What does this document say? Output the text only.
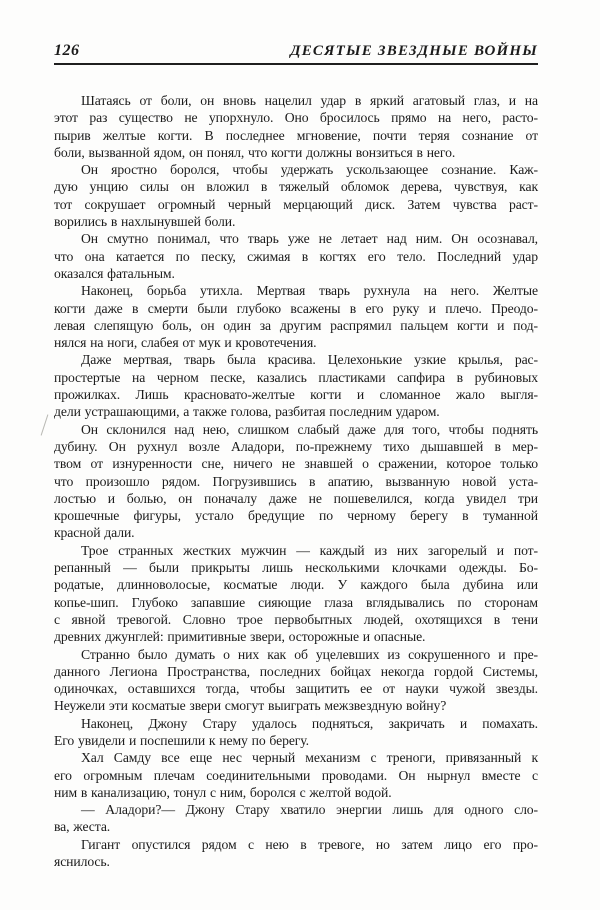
126	ДЕСЯТЫЕ ЗВЕЗДНЫЕ ВОЙНЫ
Шатаясь от боли, он вновь нацелил удар в яркий агатовый глаз, и на
этот раз существо не упорхнуло. Оно бросилось прямо на него, расто-
пырив желтые когти. В последнее мгновение, почти теряя сознание от
боли, вызванной ядом, он понял, что когти должны вонзиться в него.
Он яростно боролся, чтобы удержать ускользающее сознание. Каж-
дую унцию силы он вложил в тяжелый обломок дерева, чувствуя, как
тот сокрушает огромный черный мерцающий диск. Затем чувства раст-
ворились в нахлынувшей боли.
Он смутно понимал, что тварь уже не летает над ним. Он осознавал,
что она катается по песку, сжимая в когтях его тело. Последний удар
оказался фатальным.
Наконец, борьба утихла. Мертвая тварь рухнула на него. Желтые
когти даже в смерти были глубоко всажены в его руку и плечо. Преодо-
левая слепящую боль, он один за другим распрямил пальцем когти и под-
нялся на ноги, слабея от мук и кровотечения.
Даже мертвая, тварь была красива. Целехонькие узкие крылья, рас-
простертые на черном песке, казались пластиками сапфира в рубиновых
прожилках. Лишь красновато-желтые когти и сломанное жало выгля-
дели устрашающими, а также голова, разбитая последним ударом.
Он склонился над нею, слишком слабый даже для того, чтобы поднять
дубину. Он рухнул возле Аладори, по-прежнему тихо дышавшей в мер-
твом от изнуренности сне, ничего не знавшей о сражении, которое только
что произошло рядом. Погрузившись в апатию, вызванную новой уста-
лостью и болью, он поначалу даже не пошевелился, когда увидел три
крошечные фигуры, устало бредущие по черному берегу в туманной
красной дали.
Трое странных жестких мужчин — каждый из них загорелый и пот-
репанный — были прикрыты лишь несколькими клочками одежды. Бо-
родатые, длинноволосые, косматые люди. У каждого была дубина или
копье-шип. Глубоко запавшие сияющие глаза вглядывались по сторонам
с явной тревогой. Словно трое первобытных людей, охотящихся в тени
древних джунглей: примитивные звери, осторожные и опасные.
Странно было думать о них как об уцелевших из сокрушенного и пре-
данного Легиона Пространства, последних бойцах некогда гордой Системы,
одиночках, оставшихся тогда, чтобы защитить ее от науки чужой звезды.
Неужели эти косматые звери смогут выиграть межзвездную войну?
Наконец, Джону Стару удалось подняться, закричать и помахать.
Его увидели и поспешили к нему по берегу.
Хал Самду все еще нес черный механизм с треноги, привязанный к
его огромным плечам соединительными проводами. Он нырнул вместе с
ним в канализацию, тонул с ним, боролся с желтой водой.
— Аладори?— Джону Стару хватило энергии лишь для одного сло-
ва, жеста.
Гигант опустился рядом с нею в тревоге, но затем лицо его про-
яснилось.
